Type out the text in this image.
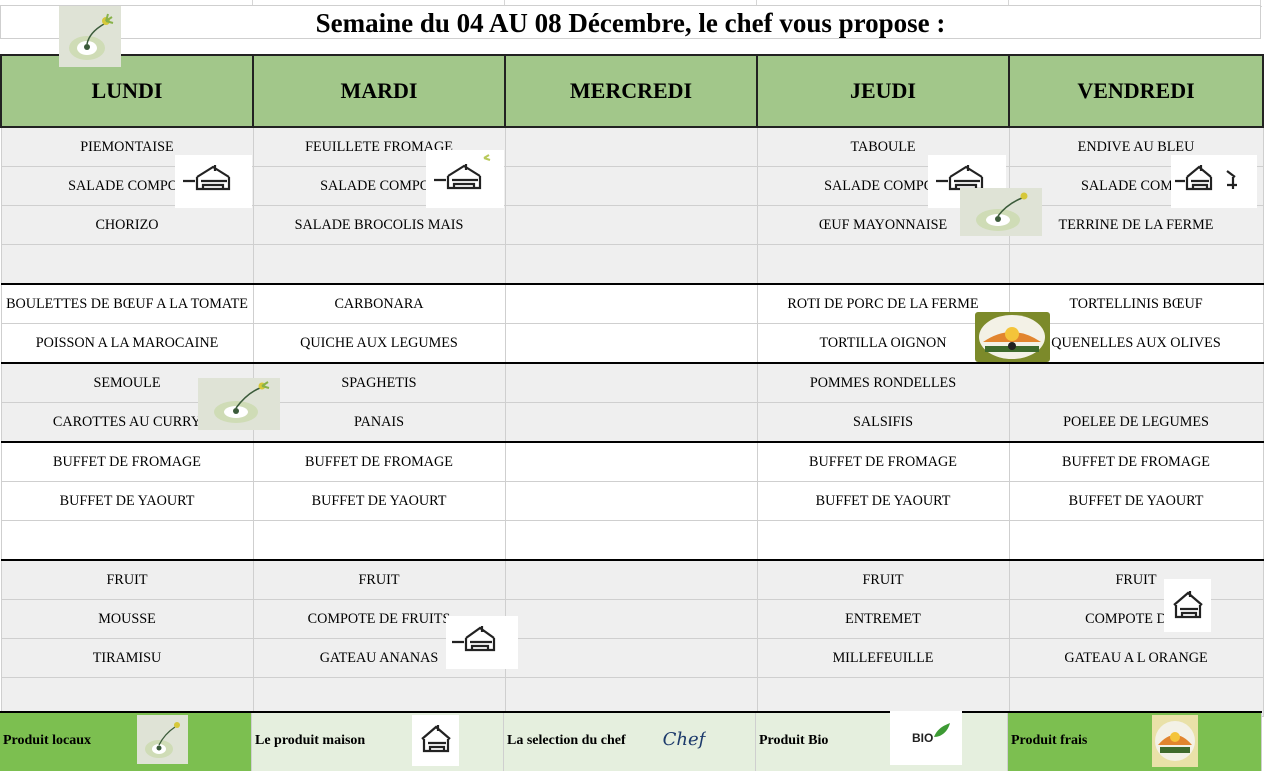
Semaine du 04 AU 08 Décembre, le chef vous propose :
LUNDI	MARDI	MERCREDI	JEUDI	VENDREDI
PIEMONTAISE	FEUILLETE FROMAGE		TABOULE	ENDIVE AU BLEU
SALADE COMPOS	SALADE COMPOS		SALADE COMPOS	SALADE COMPO
CHORIZO	SALADE BROCOLIS MAIS		ŒUF MAYONNAISE	TERRINE DE LA FERME

BOULETTES DE BŒUF A LA TOMATE	CARBONARA		ROTI DE PORC DE LA FERME	TORTELLINIS BŒUF
POISSON A LA MAROCAINE	QUICHE AUX LEGUMES		TORTILLA OIGNON	QUENELLES AUX OLIVES
SEMOULE	SPAGHETIS		POMMES RONDELLES	
CAROTTES AU CURRY	PANAIS		SALSIFIS	POELEE DE LEGUMES
BUFFET DE FROMAGE	BUFFET DE FROMAGE		BUFFET DE FROMAGE	BUFFET DE FROMAGE
BUFFET DE YAOURT	BUFFET DE YAOURT		BUFFET DE YAOURT	BUFFET DE YAOURT

FRUIT	FRUIT		FRUIT	FRUIT
MOUSSE	COMPOTE DE FRUITS		ENTREMET	COMPOTE DE F
TIRAMISU	GATEAU ANANAS		MILLEFEUILLE	GATEAU A L ORANGE

Produit locaux	Le produit maison	La selection du chef Chef	Produit Bio	BIO	Produit frais
